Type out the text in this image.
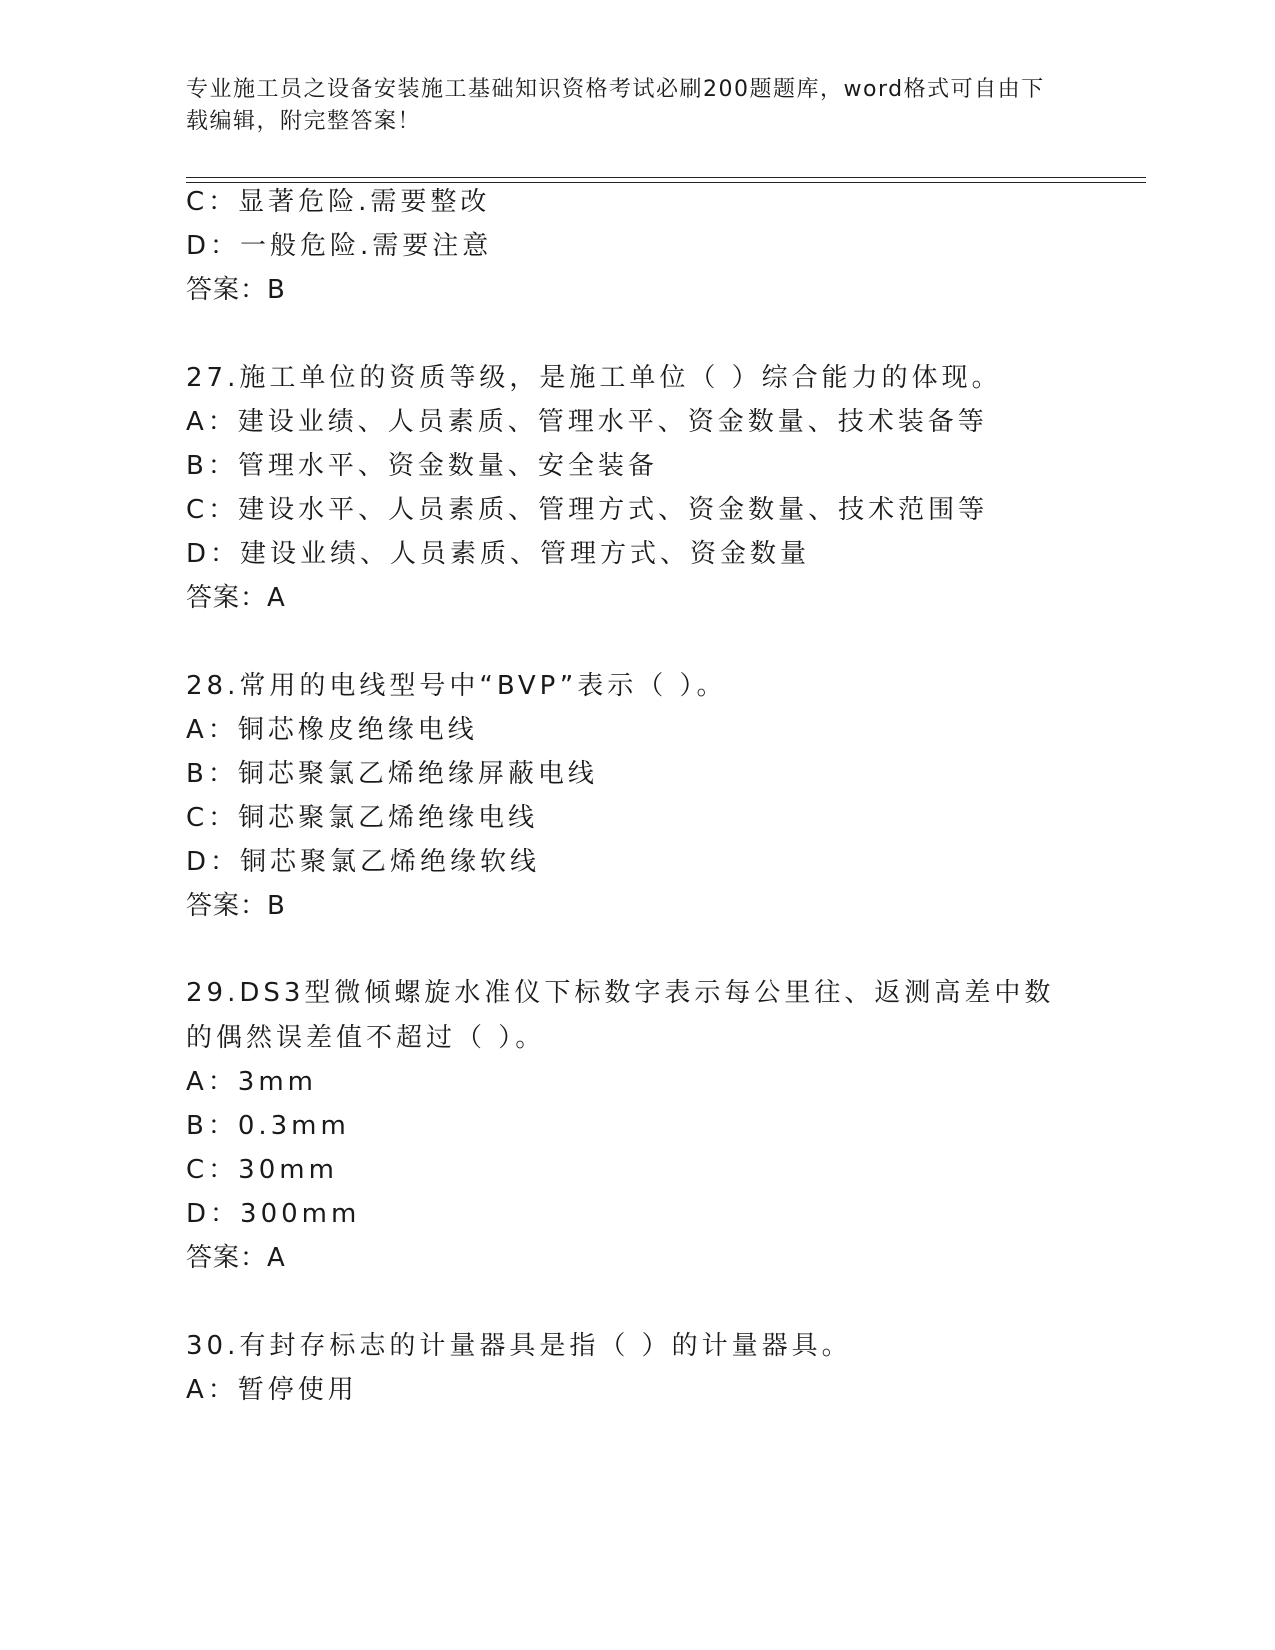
专业施工员之设备安装施工基础知识资格考试必刷200题题库，word格式可自由下载编辑，附完整答案！
C：显著危险.需要整改
D：一般危险.需要注意
答案：B
27.施工单位的资质等级，是施工单位（ ）综合能力的体现。
A：建设业绩、人员素质、管理水平、资金数量、技术装备等
B：管理水平、资金数量、安全装备
C：建设水平、人员素质、管理方式、资金数量、技术范围等
D：建设业绩、人员素质、管理方式、资金数量
答案：A
28.常用的电线型号中“BVP”表示（ ）。
A：铜芯橡皮绝缘电线
B：铜芯聚氯乙烯绝缘屏蔽电线
C：铜芯聚氯乙烯绝缘电线
D：铜芯聚氯乙烯绝缘软线
答案：B
29.DS3型微倾螺旋水准仪下标数字表示每公里往、返测高差中数的偶然误差值不超过（ ）。
A：3mm
B：0.3mm
C：30mm
D：300mm
答案：A
30.有封存标志的计量器具是指（ ）的计量器具。
A：暂停使用
